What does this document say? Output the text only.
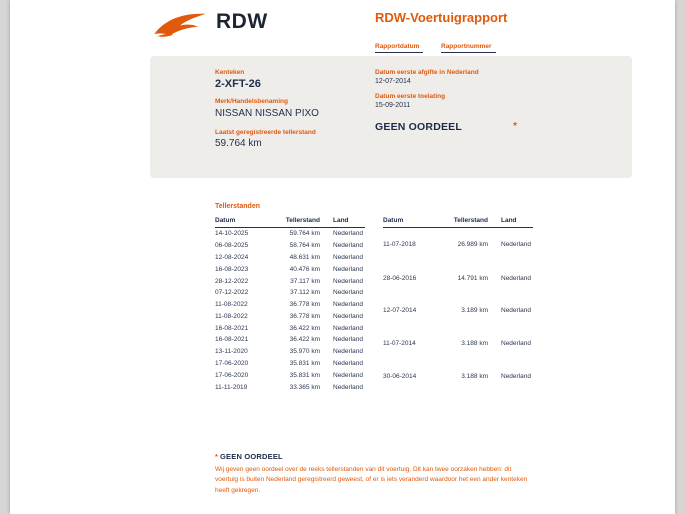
RDW	RDW-Voertuigrapport
Rapportdatum	Rapportnummer
Kenteken
2-XFT-26
Merk/Handelsbenaming
NISSAN NISSAN PIXO
Laatst geregistreerde tellerstand
59.764 km
Datum eerste afgifte in Nederland
12-07-2014
Datum eerste toelating
15-09-2011
GEEN OORDEEL	*
Tellerstanden
Datum	Tellerstand	Land
14-10-2025	59.764 km	Nederland
06-08-2025	58.764 km	Nederland
12-08-2024	48.631 km	Nederland
16-08-2023	40.476 km	Nederland
28-12-2022	37.117 km	Nederland
07-12-2022	37.112 km	Nederland
11-08-2022	36.778 km	Nederland
11-08-2022	36.778 km	Nederland
16-08-2021	36.422 km	Nederland
16-08-2021	36.422 km	Nederland
13-11-2020	35.970 km	Nederland
17-06-2020	35.831 km	Nederland
17-06-2020	35.831 km	Nederland
11-11-2019	33.365 km	Nederland
Datum	Tellerstand	Land
11-07-2018	26.989 km	Nederland
28-06-2016	14.791 km	Nederland
12-07-2014	3.189 km	Nederland
11-07-2014	3.188 km	Nederland
30-06-2014	3.188 km	Nederland
* GEEN OORDEEL
Wij geven geen oordeel over de reeks tellerstanden van dit voertuig. Dit kan twee oorzaken hebben: dit voertuig is buiten Nederland geregistreerd geweest, of er is iets veranderd waardoor het een ander kenteken heeft gekregen.
